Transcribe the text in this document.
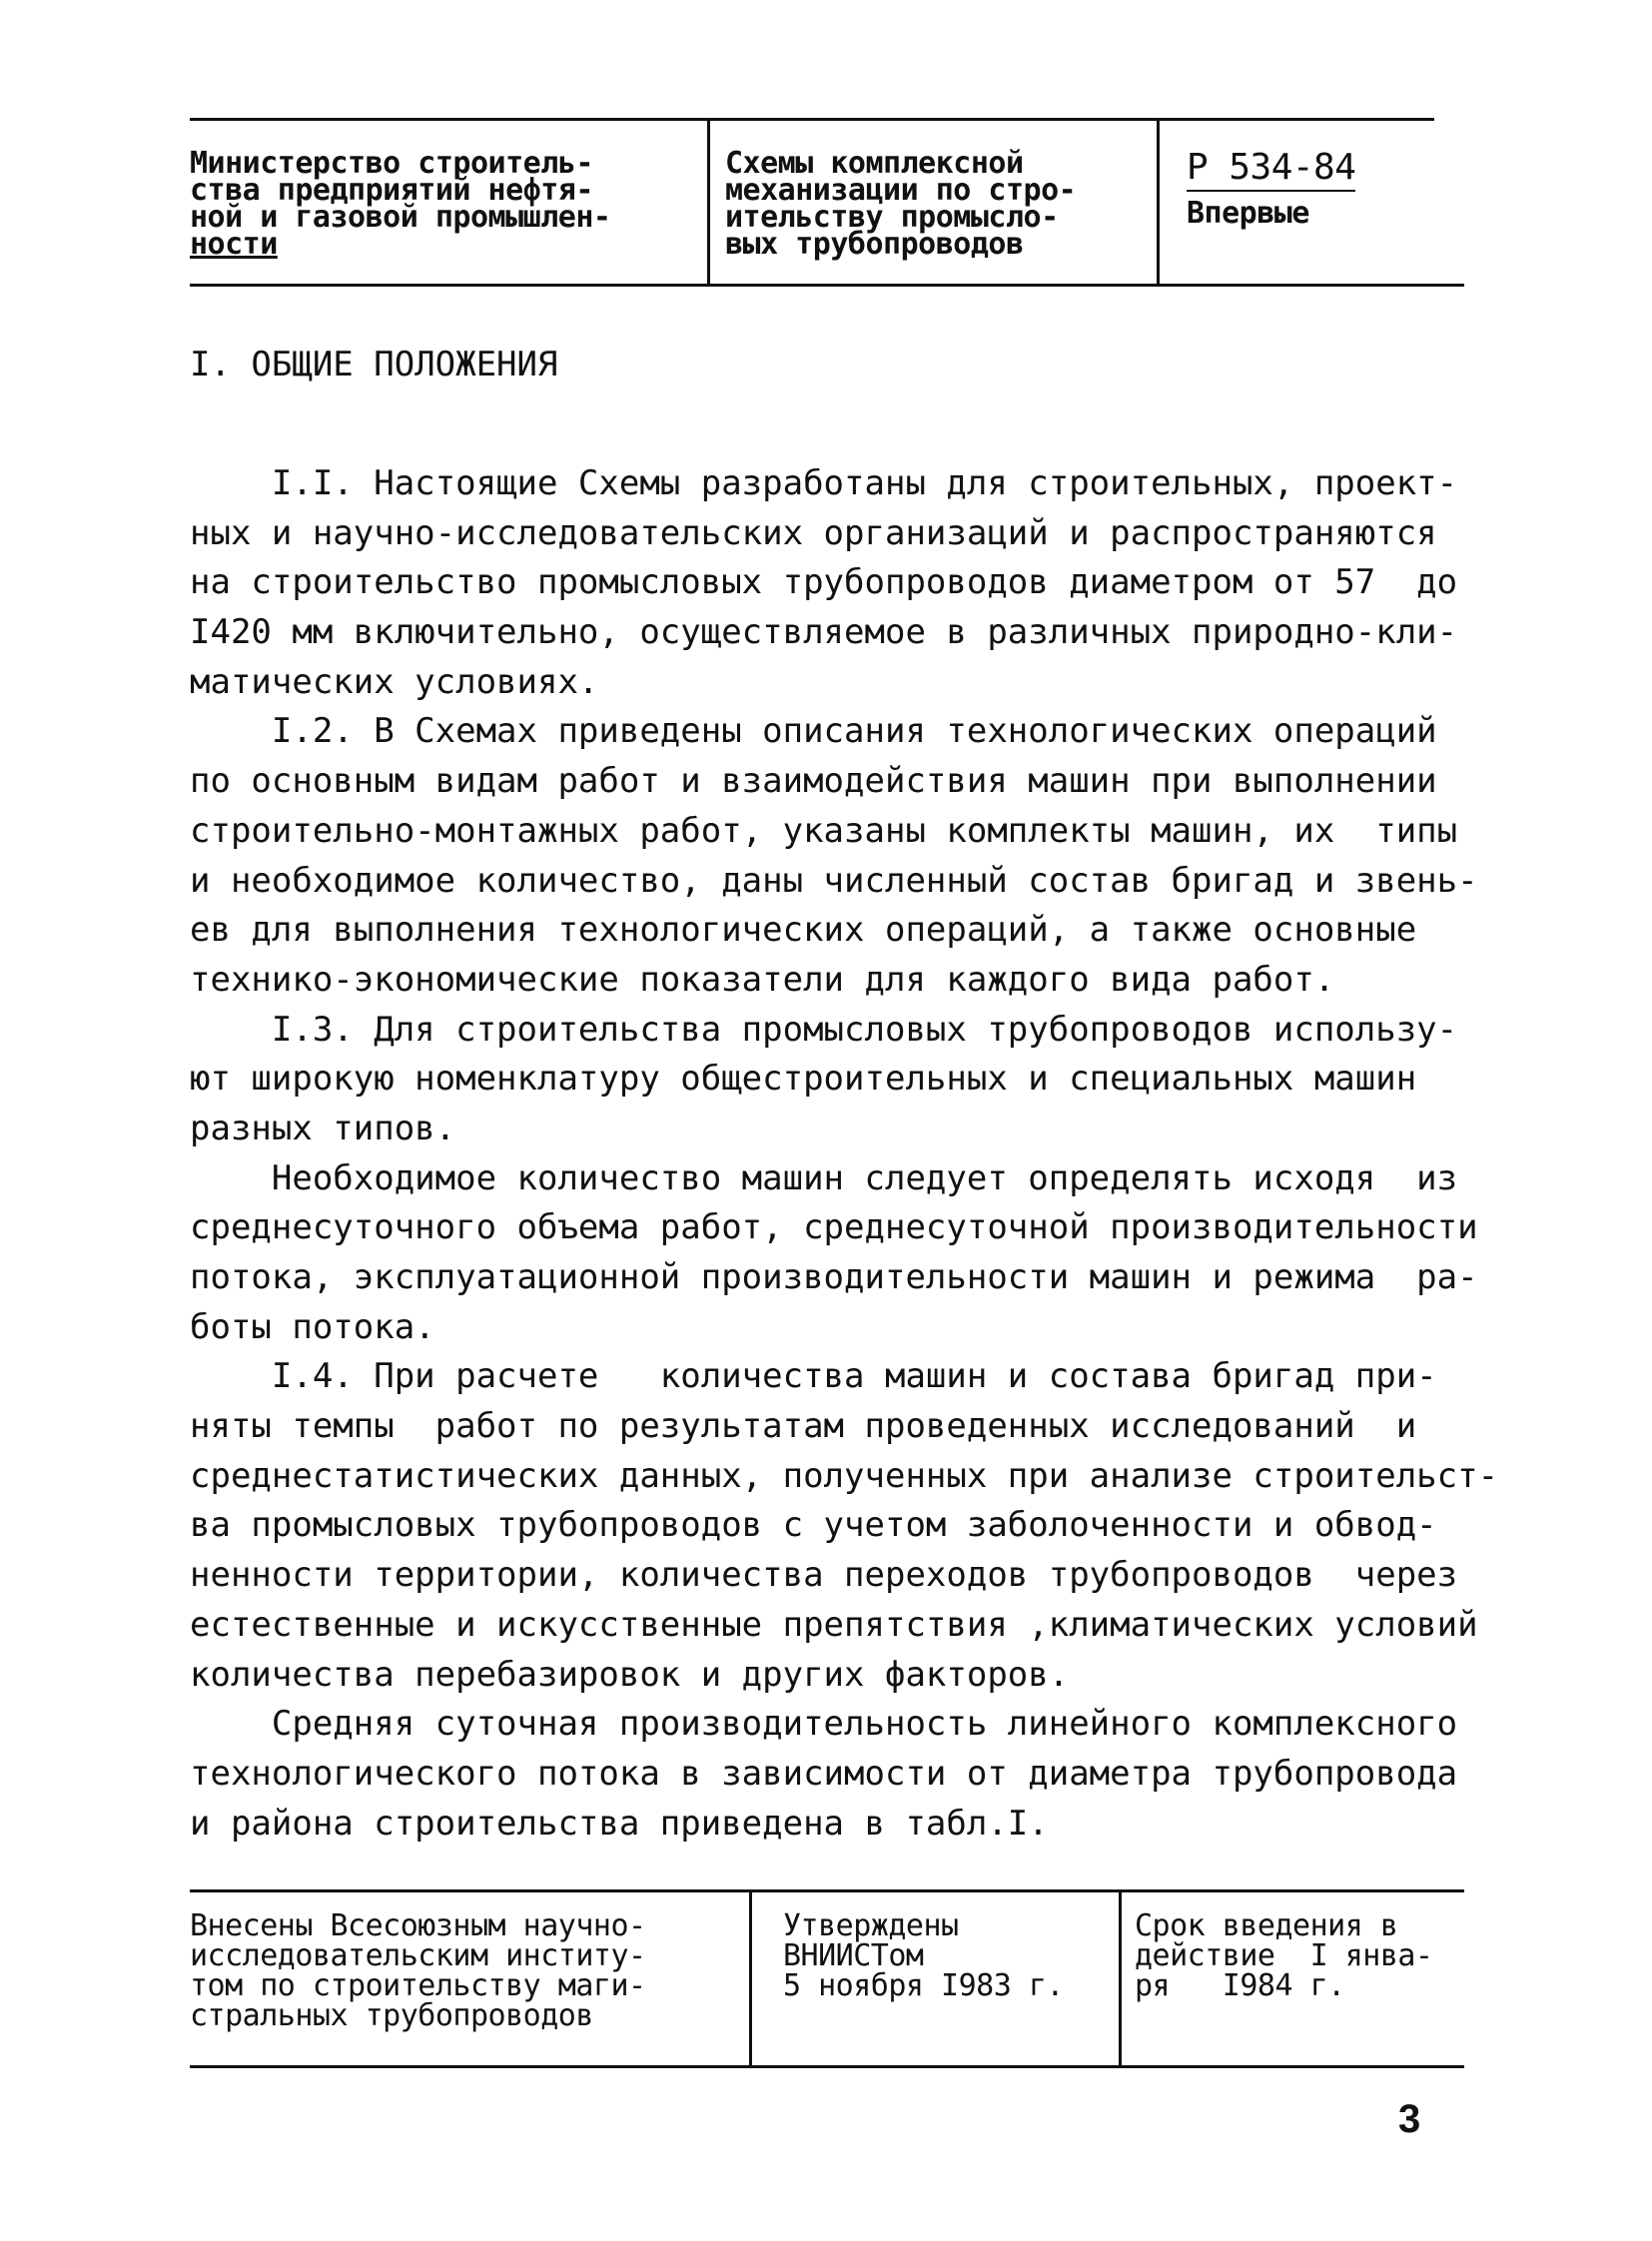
Министерство строитель-
ства предприятий нефтя-
ной и газовой промышлен-
ности
Схемы комплексной
механизации по стро-
ительству промысло-
вых трубопроводов
Р 534-84
Впервые
I. ОБЩИЕ ПОЛОЖЕНИЯ
I.I. Настоящие Схемы разработаны для строительных, проект-
ных и научно-исследовательских организаций и распространяются
на строительство промысловых трубопроводов диаметром от 57  до
I420 мм включительно, осуществляемое в различных природно-кли-
матических условиях.
I.2. В Схемах приведены описания технологических операций
по основным видам работ и взаимодействия машин при выполнении
строительно-монтажных работ, указаны комплекты машин, их  типы
и необходимое количество, даны численный состав бригад и звень-
ев для выполнения технологических операций, а также основные
технико-экономические показатели для каждого вида работ.
I.3. Для строительства промысловых трубопроводов использу-
ют широкую номенклатуру общестроительных и специальных машин
разных типов.
Необходимое количество машин следует определять исходя  из
среднесуточного объема работ, среднесуточной производительности
потока, эксплуатационной производительности машин и режима  ра-
боты потока.
I.4. При расчете   количества машин и состава бригад при-
няты темпы  работ по результатам проведенных исследований  и
среднестатистических данных, полученных при анализе строительст-
ва промысловых трубопроводов с учетом заболоченности и обвод-
ненности территории, количества переходов трубопроводов  через
естественные и искусственные препятствия ,климатических условий
количества перебазировок и других факторов.
Средняя суточная производительность линейного комплексного
технологического потока в зависимости от диаметра трубопровода
и района строительства приведена в табл.I.
Внесены Всесоюзным научно-
исследовательским институ-
том по строительству маги-
стральных трубопроводов
Утверждены
ВНИИСТом
5 ноября I983 г.
Срок введения в
действие  I янва-
ря   I984 г.
3
